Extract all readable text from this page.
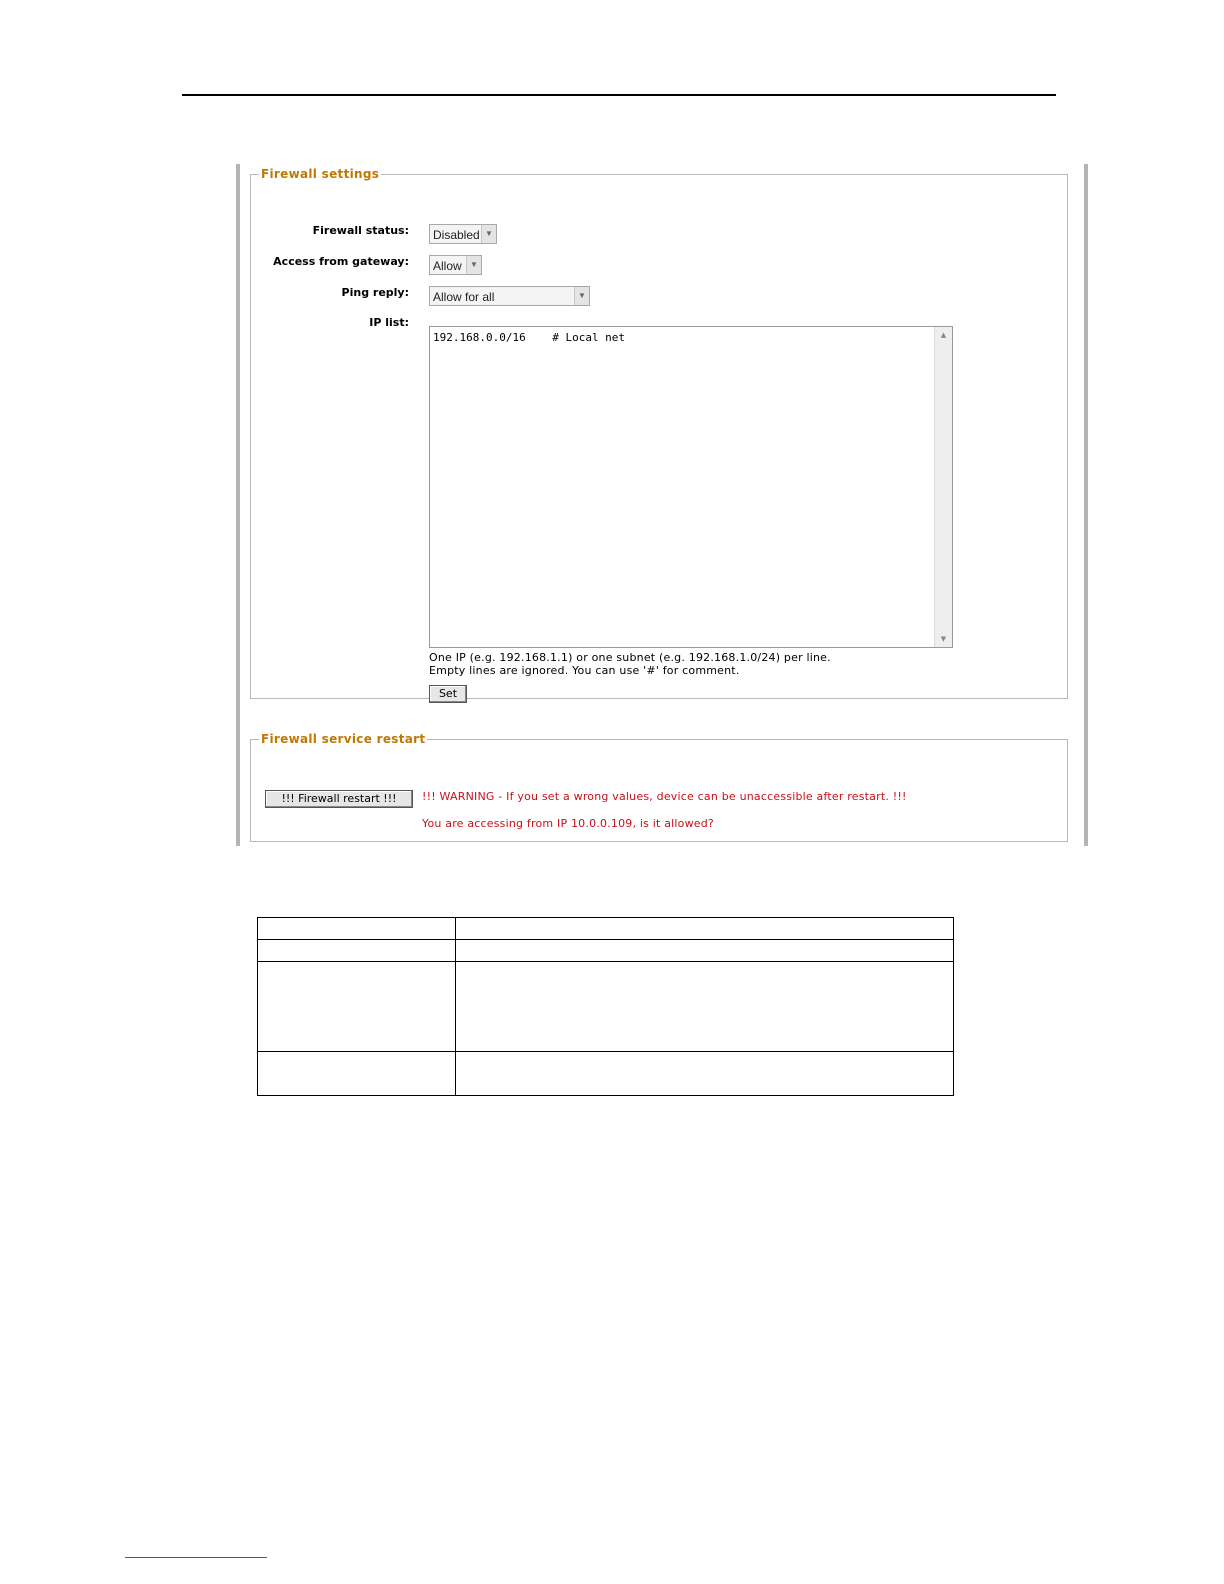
Firewall settings
Firewall status: Disabled ▼
Access from gateway: Allow	▼
Ping reply: Allow for all	▼
IP list:
192.168.0.0/16    # Local net	▲
▼
One IP (e.g. 192.168.1.1) or one subnet (e.g. 192.168.1.0/24) per line.
Empty lines are ignored. You can use '#' for comment.
Set
Firewall service restart
!!! Firewall restart !!!	!!! WARNING - If you set a wrong values, device can be unaccessible after restart. !!!
You are accessing from IP 10.0.0.109, is it allowed?
